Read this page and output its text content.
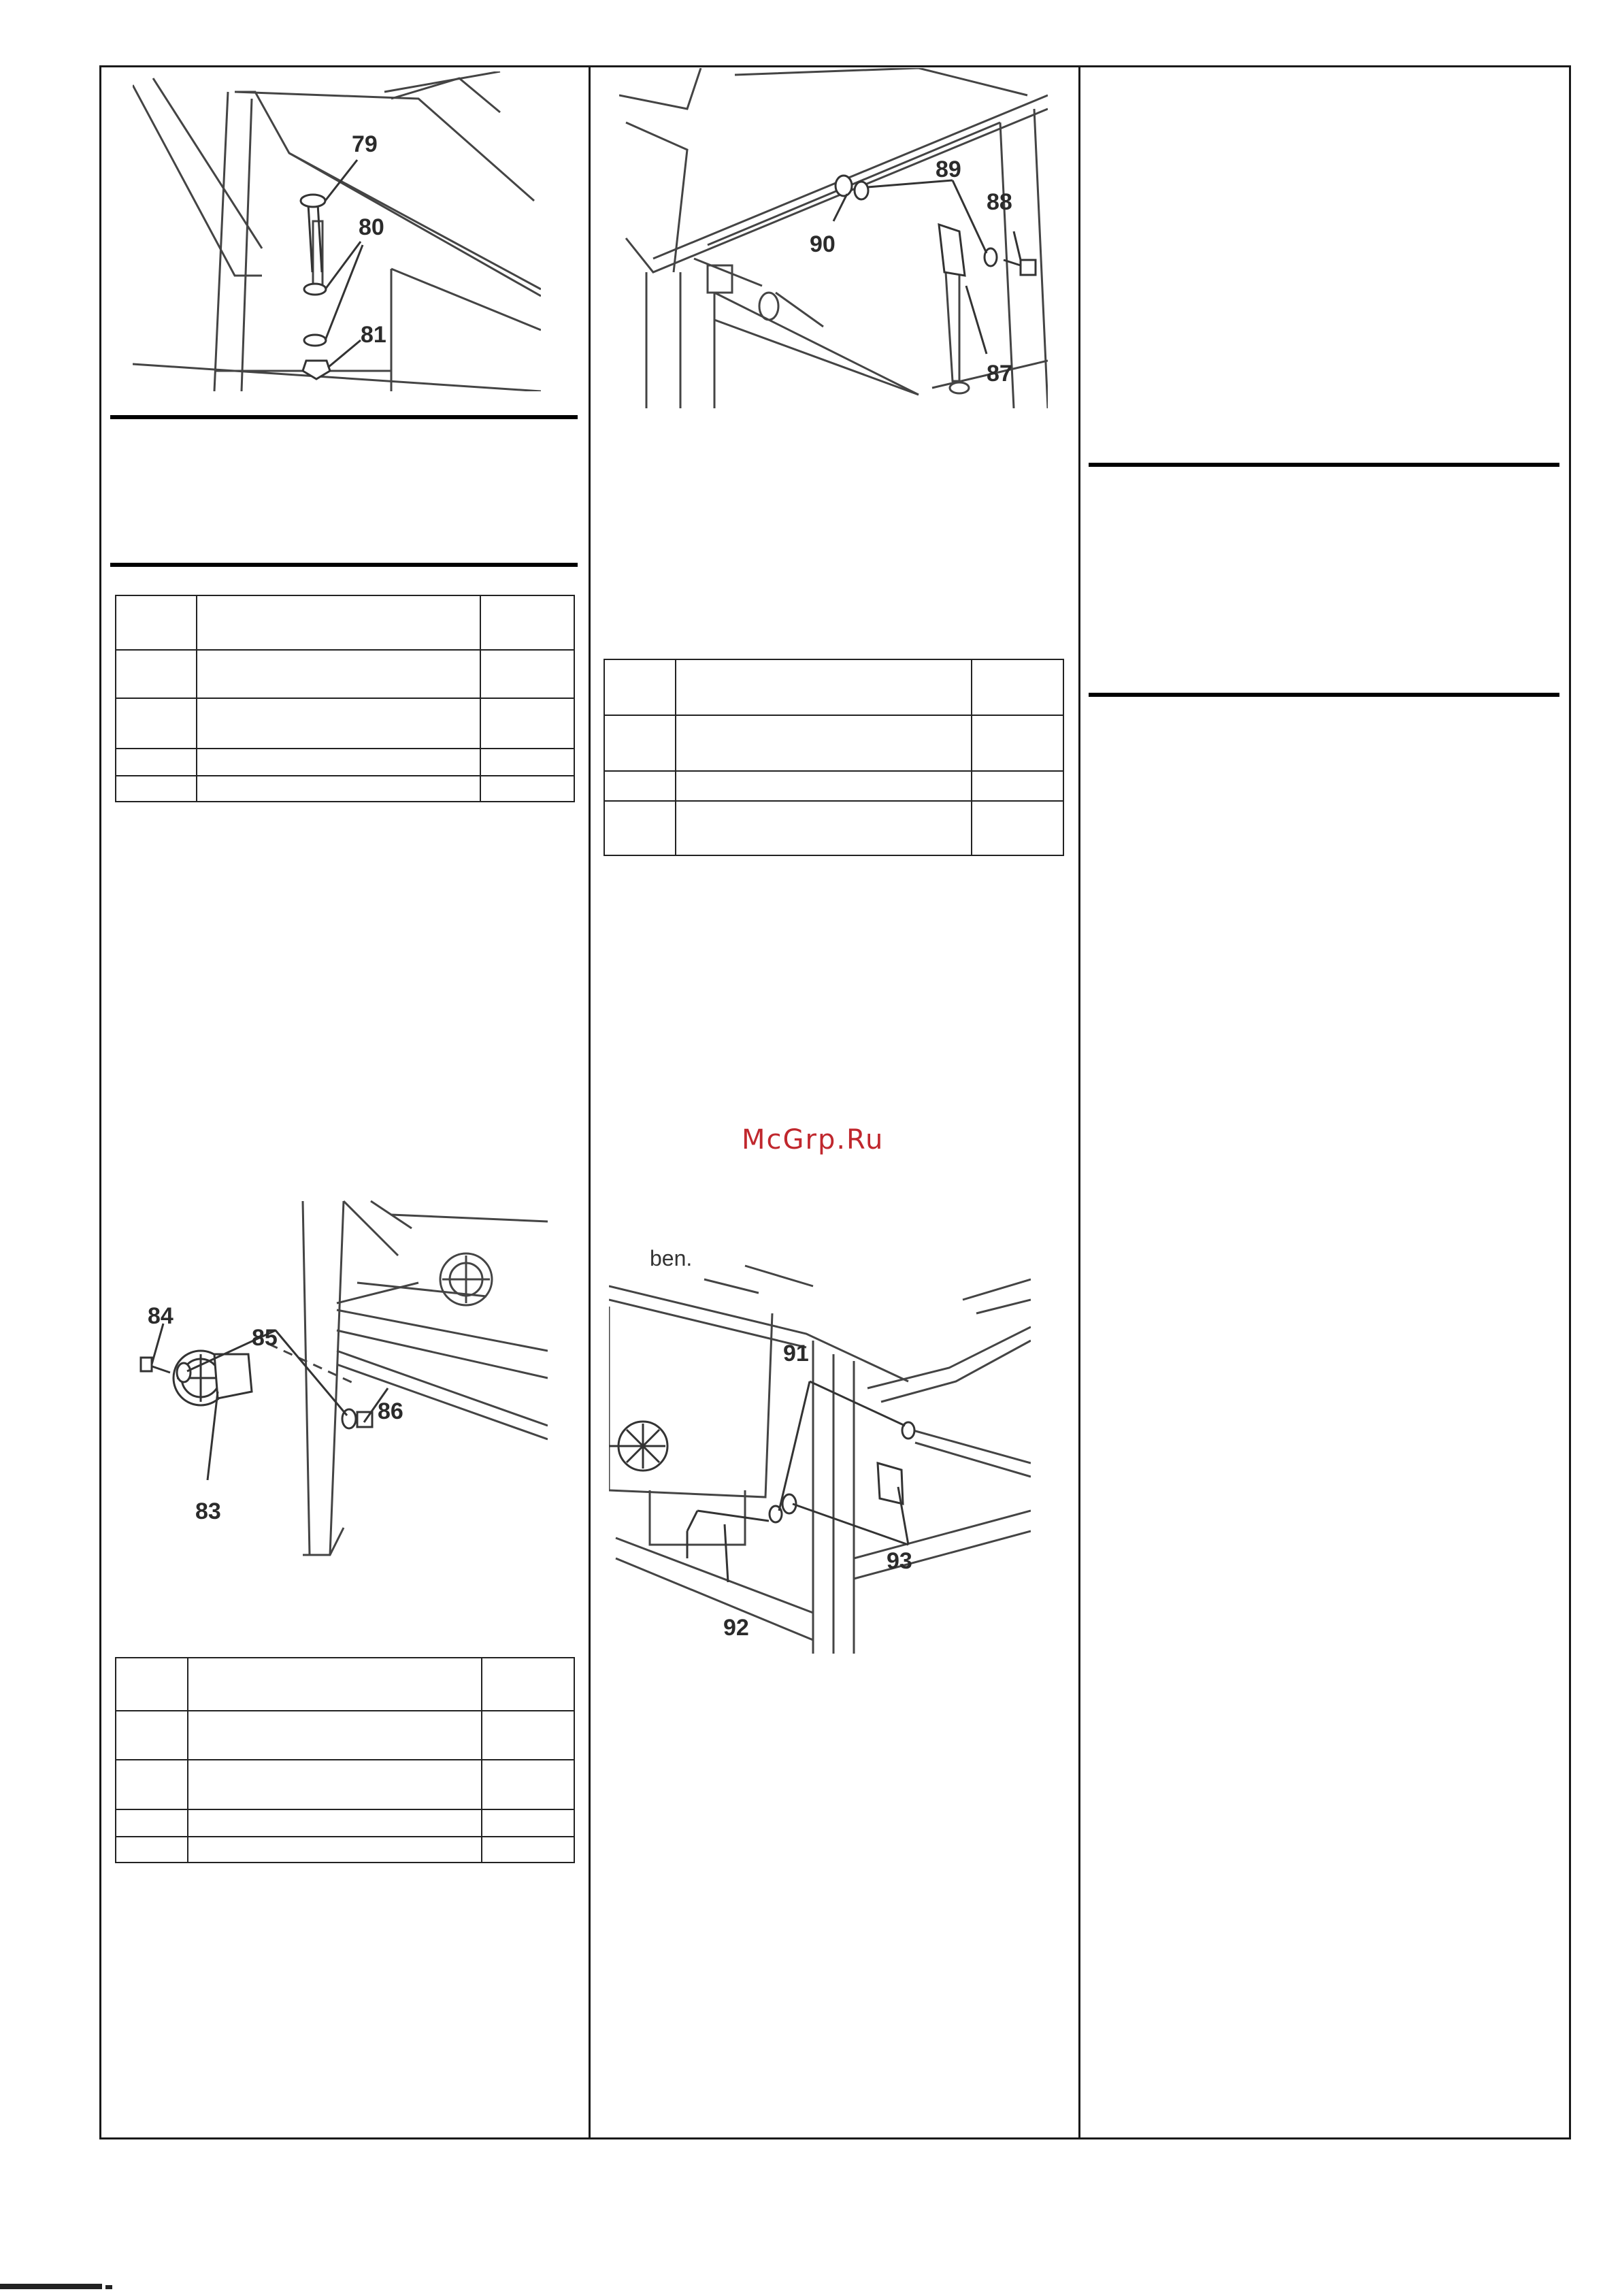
79
80
81

89
90
88
87

McGrp.Ru
84
85
86
83

ben.
91
93
92
